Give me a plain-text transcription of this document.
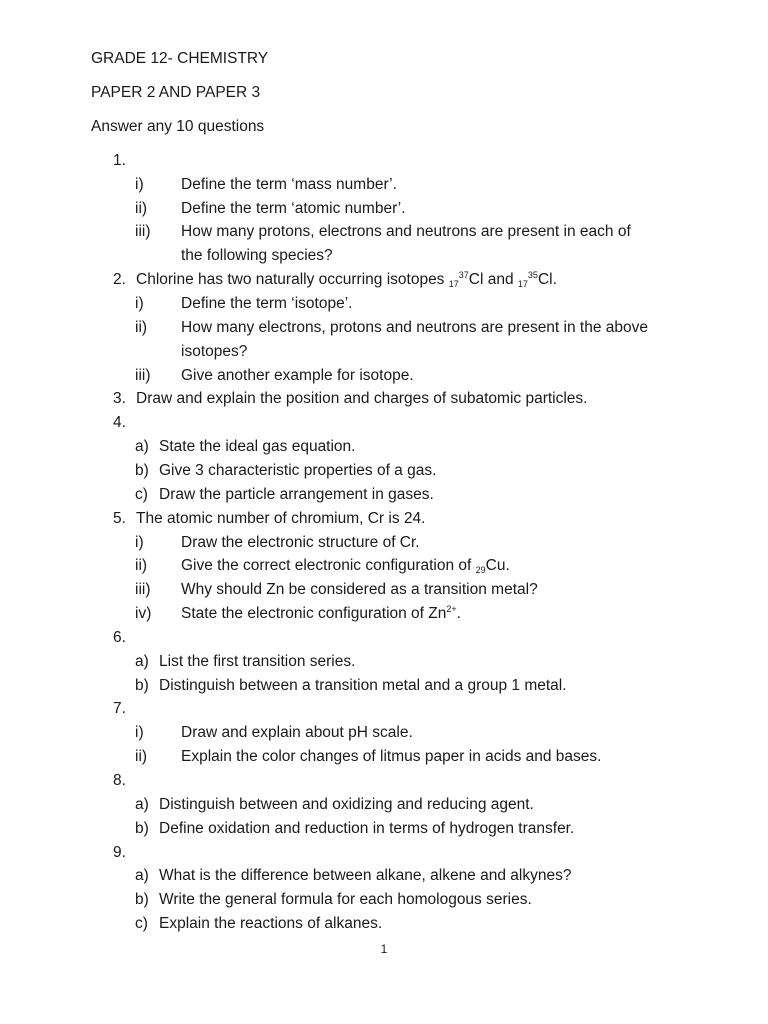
GRADE 12- CHEMISTRY
PAPER 2 AND PAPER 3
Answer any 10 questions
1.
i) Define the term ‘mass number’.
ii) Define the term ‘atomic number’.
iii) How many protons, electrons and neutrons are present in each of
the following species?
2. Chlorine has two naturally occurring isotopes $_{17}^{37}$Cl and $_{17}^{35}$Cl.
i) Define the term ‘isotope’.
ii) How many electrons, protons and neutrons are present in the above
isotopes?
iii) Give another example for isotope.
3. Draw and explain the position and charges of subatomic particles.
4.
a) State the ideal gas equation.
b) Give 3 characteristic properties of a gas.
c) Draw the particle arrangement in gases.
5. The atomic number of chromium, Cr is 24.
i) Draw the electronic structure of Cr.
ii) Give the correct electronic configuration of $_{29}$Cu.
iii) Why should Zn be considered as a transition metal?
iv) State the electronic configuration of $Zn^{2+}$.
6.
a) List the first transition series.
b) Distinguish between a transition metal and a group 1 metal.
7.
i) Draw and explain about pH scale.
ii) Explain the color changes of litmus paper in acids and bases.
8.
a) Distinguish between and oxidizing and reducing agent.
b) Define oxidation and reduction in terms of hydrogen transfer.
9.
a) What is the difference between alkane, alkene and alkynes?
b) Write the general formula for each homologous series.
c) Explain the reactions of alkanes.
1
